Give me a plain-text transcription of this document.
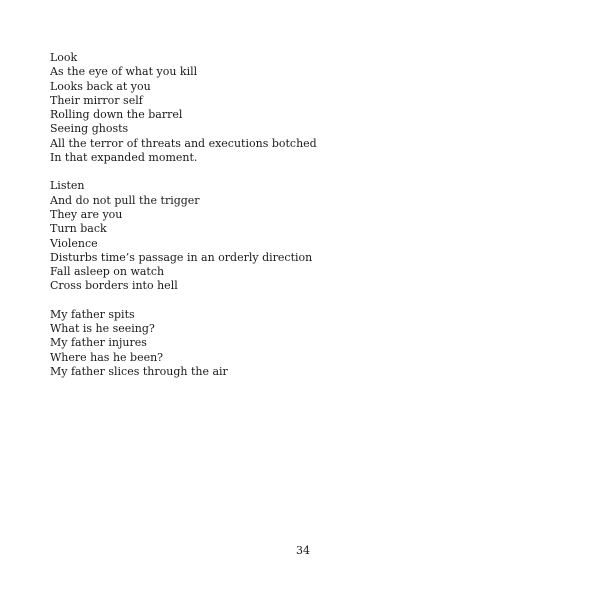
Look
As the eye of what you kill
Looks back at you
Their mirror self
Rolling down the barrel
Seeing ghosts
All the terror of threats and executions botched
In that expanded moment.
Listen
And do not pull the trigger
They are you
Turn back
Violence
Disturbs time’s passage in an orderly direction
Fall asleep on watch
Cross borders into hell
My father spits
What is he seeing?
My father injures
Where has he been?
My father slices through the air
34
